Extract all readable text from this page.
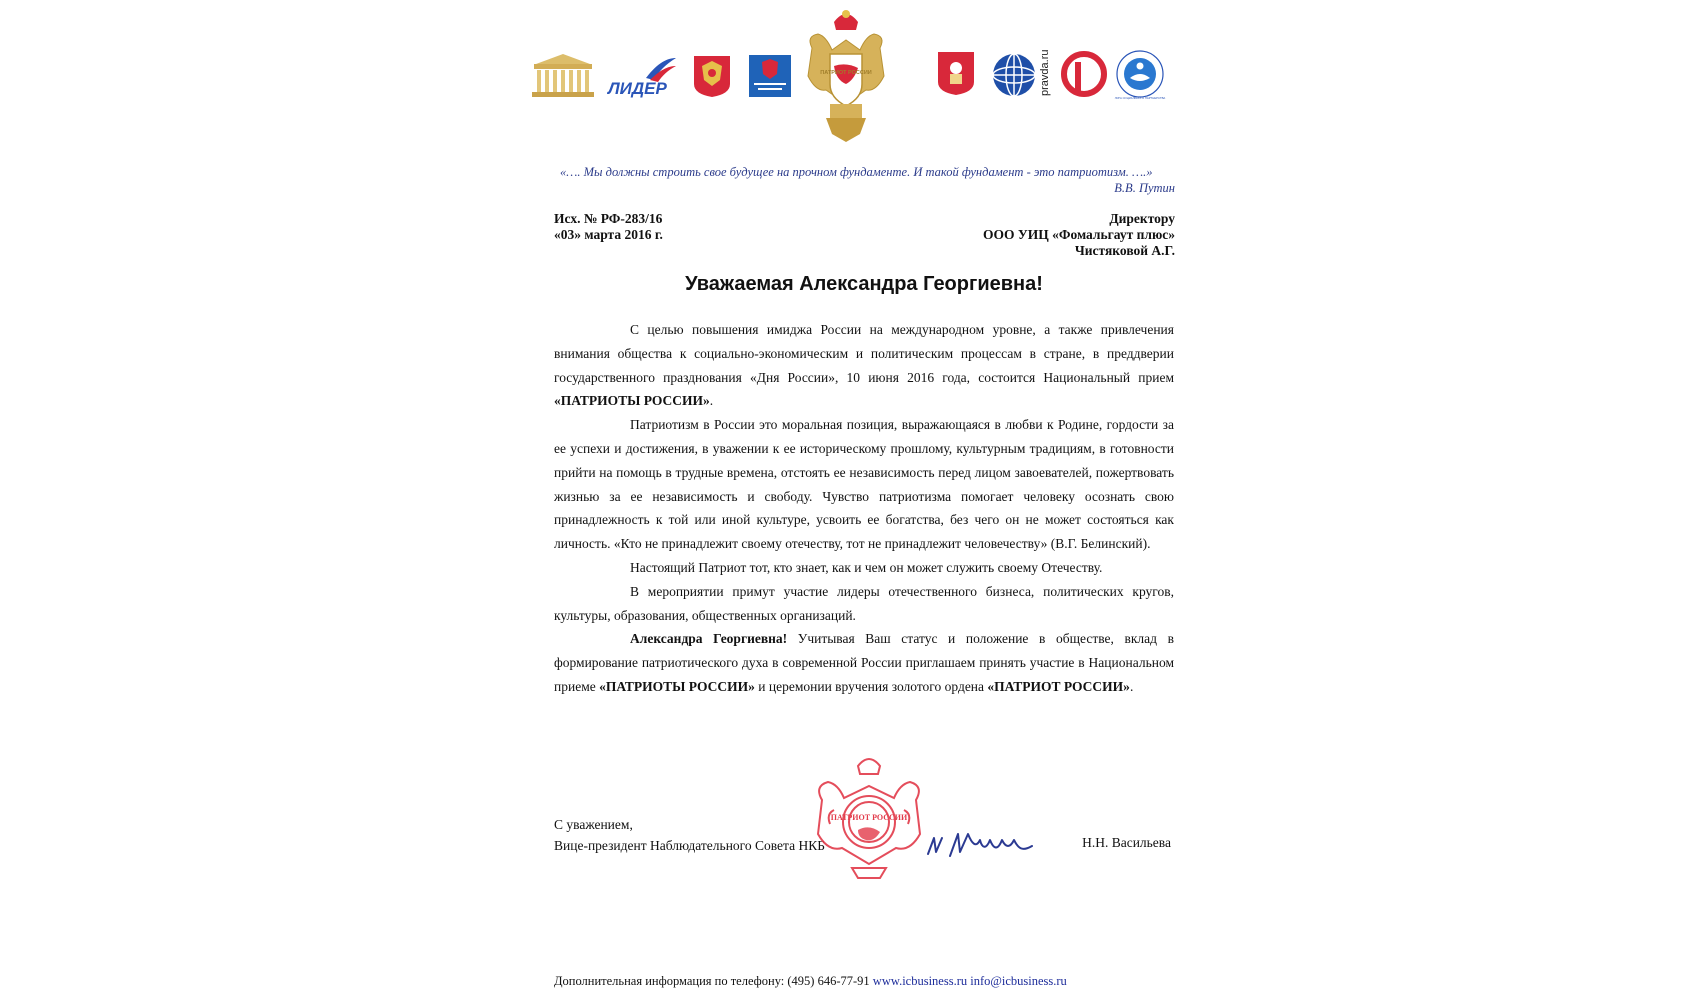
ЛИДЕР
ПАТРИОТ РОССИИ	pravda.ru
ЛИГА СОЦИАЛЬНОГО ПАРТНЕРСТВА
«…. Мы должны строить свое будущее на прочном фундаменте. И такой фундамент - это патриотизм. ….»
В.В. Путин
Исх. № РФ-283/16
«03» марта 2016 г.
Директору
ООО УИЦ «Фомальгаут плюс»
Чистяковой А.Г.
Уважаемая Александра Георгиевна!

С целью повышения имиджа России на международном уровне, а также привлечения внимания общества к социально-экономическим и политическим процессам в стране, в преддверии государственного празднования «Дня России», 10 июня 2016 года, состоится Национальный прием «ПАТРИОТЫ РОССИИ».

Патриотизм в России это моральная позиция, выражающаяся в любви к Родине, гордости за ее успехи и достижения, в уважении к ее историческому прошлому, культурным традициям, в готовности прийти на помощь в трудные времена, отстоять ее независимость перед лицом завоевателей, пожертвовать жизнью за ее независимость и свободу. Чувство патриотизма помогает человеку осознать свою принадлежность к той или иной культуре, усвоить ее богатства, без чего он не может состояться как личность. «Кто не принадлежит своему отечеству, тот не принадлежит человечеству» (В.Г. Белинский).

Настоящий Патриот тот, кто знает, как и чем он может служить своему Отечеству.

В мероприятии примут участие лидеры отечественного бизнеса, политических кругов, культуры, образования, общественных организаций.

Александра Георгиевна! Учитывая Ваш статус и положение в обществе, вклад в формирование патриотического духа в современной России приглашаем принять участие в Национальном приеме «ПАТРИОТЫ РОССИИ» и церемонии вручения золотого ордена «ПАТРИОТ РОССИИ».

С уважением,
Вице-президент Наблюдательного Совета НКБ	Н.Н. Васильева
ПАТРИОТ РОССИИ
Н. Нупшеf
Дополнительная информация по телефону: (495) 646-77-91 www.icbusiness.ru info@icbusiness.ru
